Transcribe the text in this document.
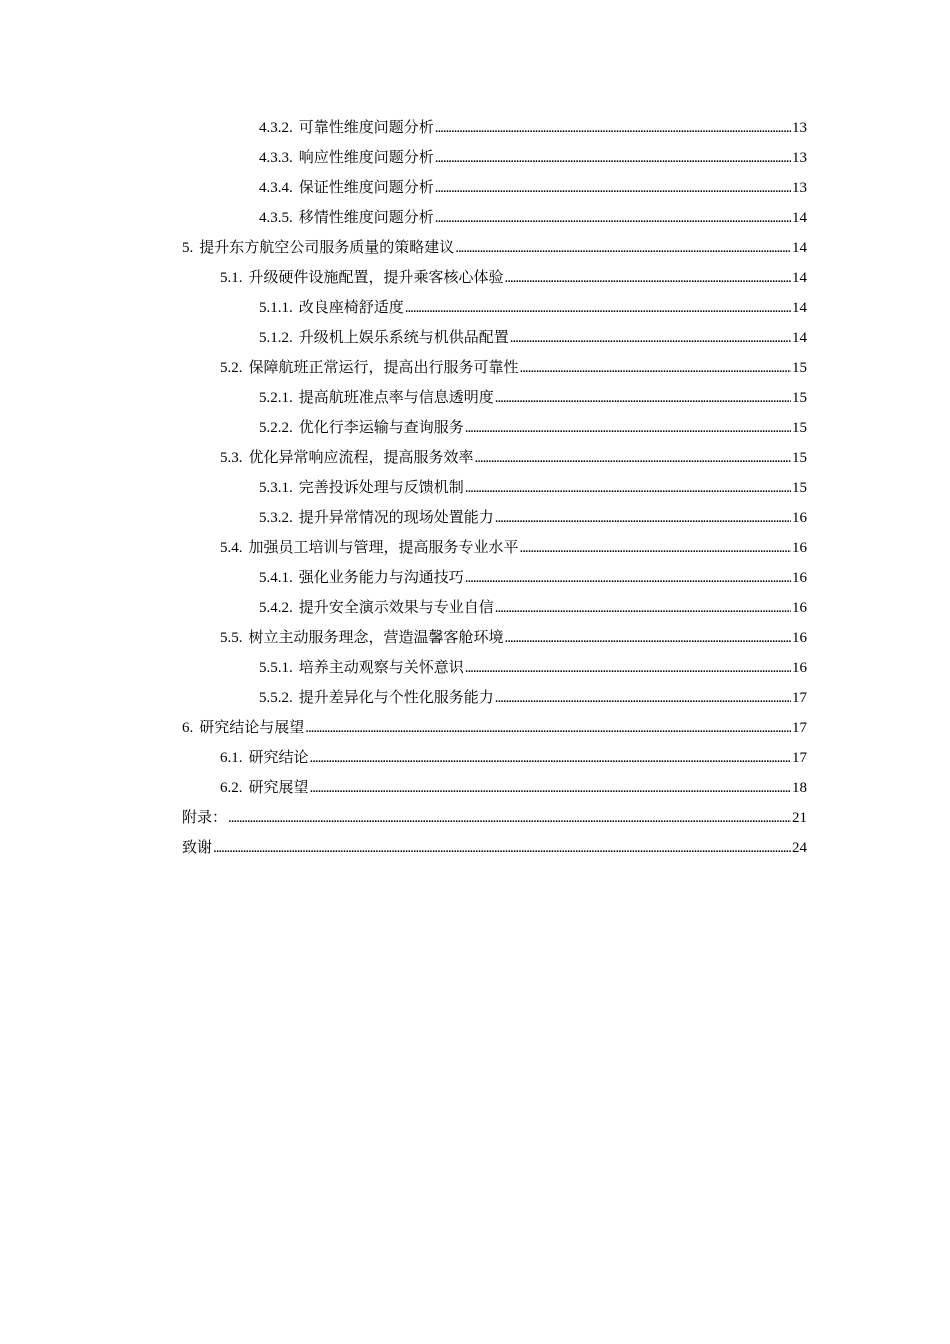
4.3.2. 可靠性维度问题分析 . . .	13
4.3.3. 响应性维度问题分析 . . .	13
4.3.4. 保证性维度问题分析 . . .	13
4.3.5. 移情性维度问题分析 . . .	14
5. 提升东方航空公司服务质量的策略建议 . . .	14
5.1. 升级硬件设施配置，提升乘客核心体验 . . .	14
5.1.1. 改良座椅舒适度 . . .	14
5.1.2. 升级机上娱乐系统与机供品配置 . . .	14
5.2. 保障航班正常运行，提高出行服务可靠性 . . .	15
5.2.1. 提高航班准点率与信息透明度 . . .	15
5.2.2. 优化行李运输与查询服务 . . .	15
5.3. 优化异常响应流程，提高服务效率 . . .	15
5.3.1. 完善投诉处理与反馈机制 . . .	15
5.3.2. 提升异常情况的现场处置能力 . . .	16
5.4. 加强员工培训与管理，提高服务专业水平 . . .	16
5.4.1. 强化业务能力与沟通技巧 . . .	16
5.4.2. 提升安全演示效果与专业自信 . . .	16
5.5. 树立主动服务理念，营造温馨客舱环境 . . .	16
5.5.1. 培养主动观察与关怀意识 . . .	16
5.5.2. 提升差异化与个性化服务能力 . . .	17
6. 研究结论与展望 . . .	17
6.1. 研究结论 . . .	17
6.2. 研究展望 . . .	18
附录： . . .	21
致谢 . . .	24
